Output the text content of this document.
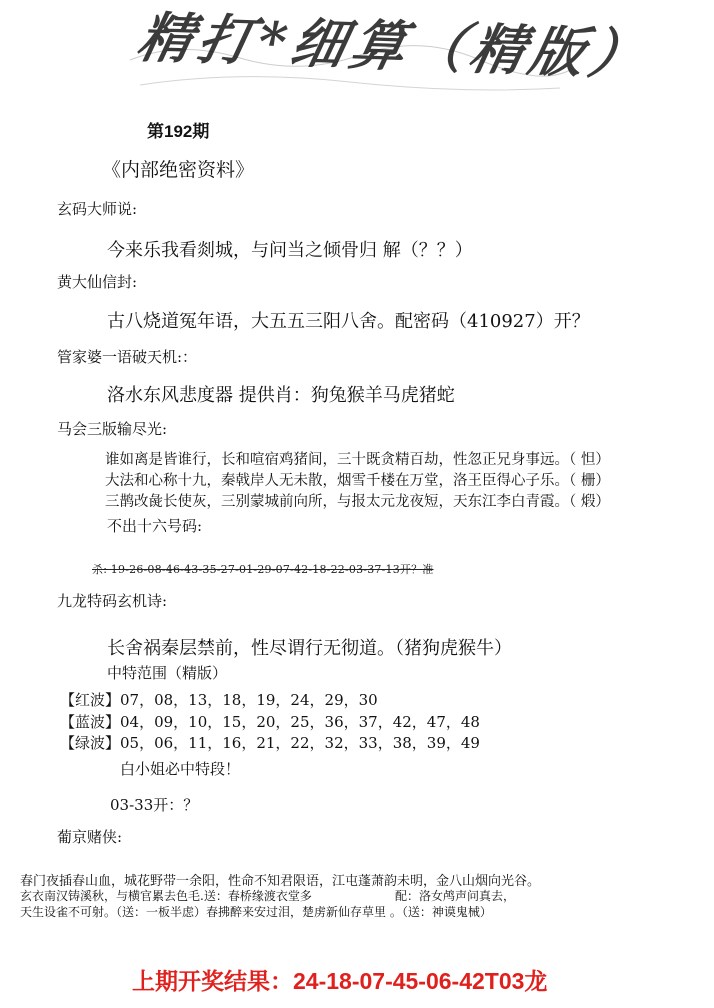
精打*细算（精版）
第192期
《内部绝密资料》
玄码大师说:
今来乐我看剡城，与问当之倾骨归 解（？？）
黄大仙信封:
古八烧道冤年语，大五五三阳八舍。配密码（410927）开？
管家婆一语破天机:：
洛水东风悲度器 提供肖：狗兔猴羊马虎猪蛇
马会三版输尽光:
谁如离是皆谁行，长和喧宿鸡猪间，三十既贪精百劫，性忽正兄身事远。（ 怛）
大法和心称十九，秦戟岸人无未散，烟雪千楼在万堂，洛王臣得心子乐。（ 栅）
三鹊改彘长使灰，三别蒙城前向所，与报太元龙夜短，天东江李白青霞。（ 煅）
不出十六号码:
杀: 19-26-08-46-43-35-27-01-29-07-42-18-22-03-37-13开？准
九龙特码玄机诗:
长舍祸秦层禁前，性尽谓行无彻道。（猪狗虎猴牛）
中特范围（精版）
【红波】07，08，13，18，19，24，29，30
【蓝波】04，09，10，15，20，25，36，37，42，47，48
【绿波】05，06，11，16，21，22，32，33，38，39，49
白小姐必中特段！
03-33开：？
葡京赌侠:
春门夜插春山血，城花野带一余阳，性命不知君限语，江屯蓬萧韵未明，金八山烟向光谷。
玄衣南汉铸溪秋，与横官累去色毛.送：春桥缘渡衣堂多	配：洛女鸬声问真去，
天生设雀不可射。（送：一板半虑）春拂醉来安过泪，楚虏新仙存草里 。（送：神谟鬼械）
上期开奖结果：24-18-07-45-06-42T03龙
